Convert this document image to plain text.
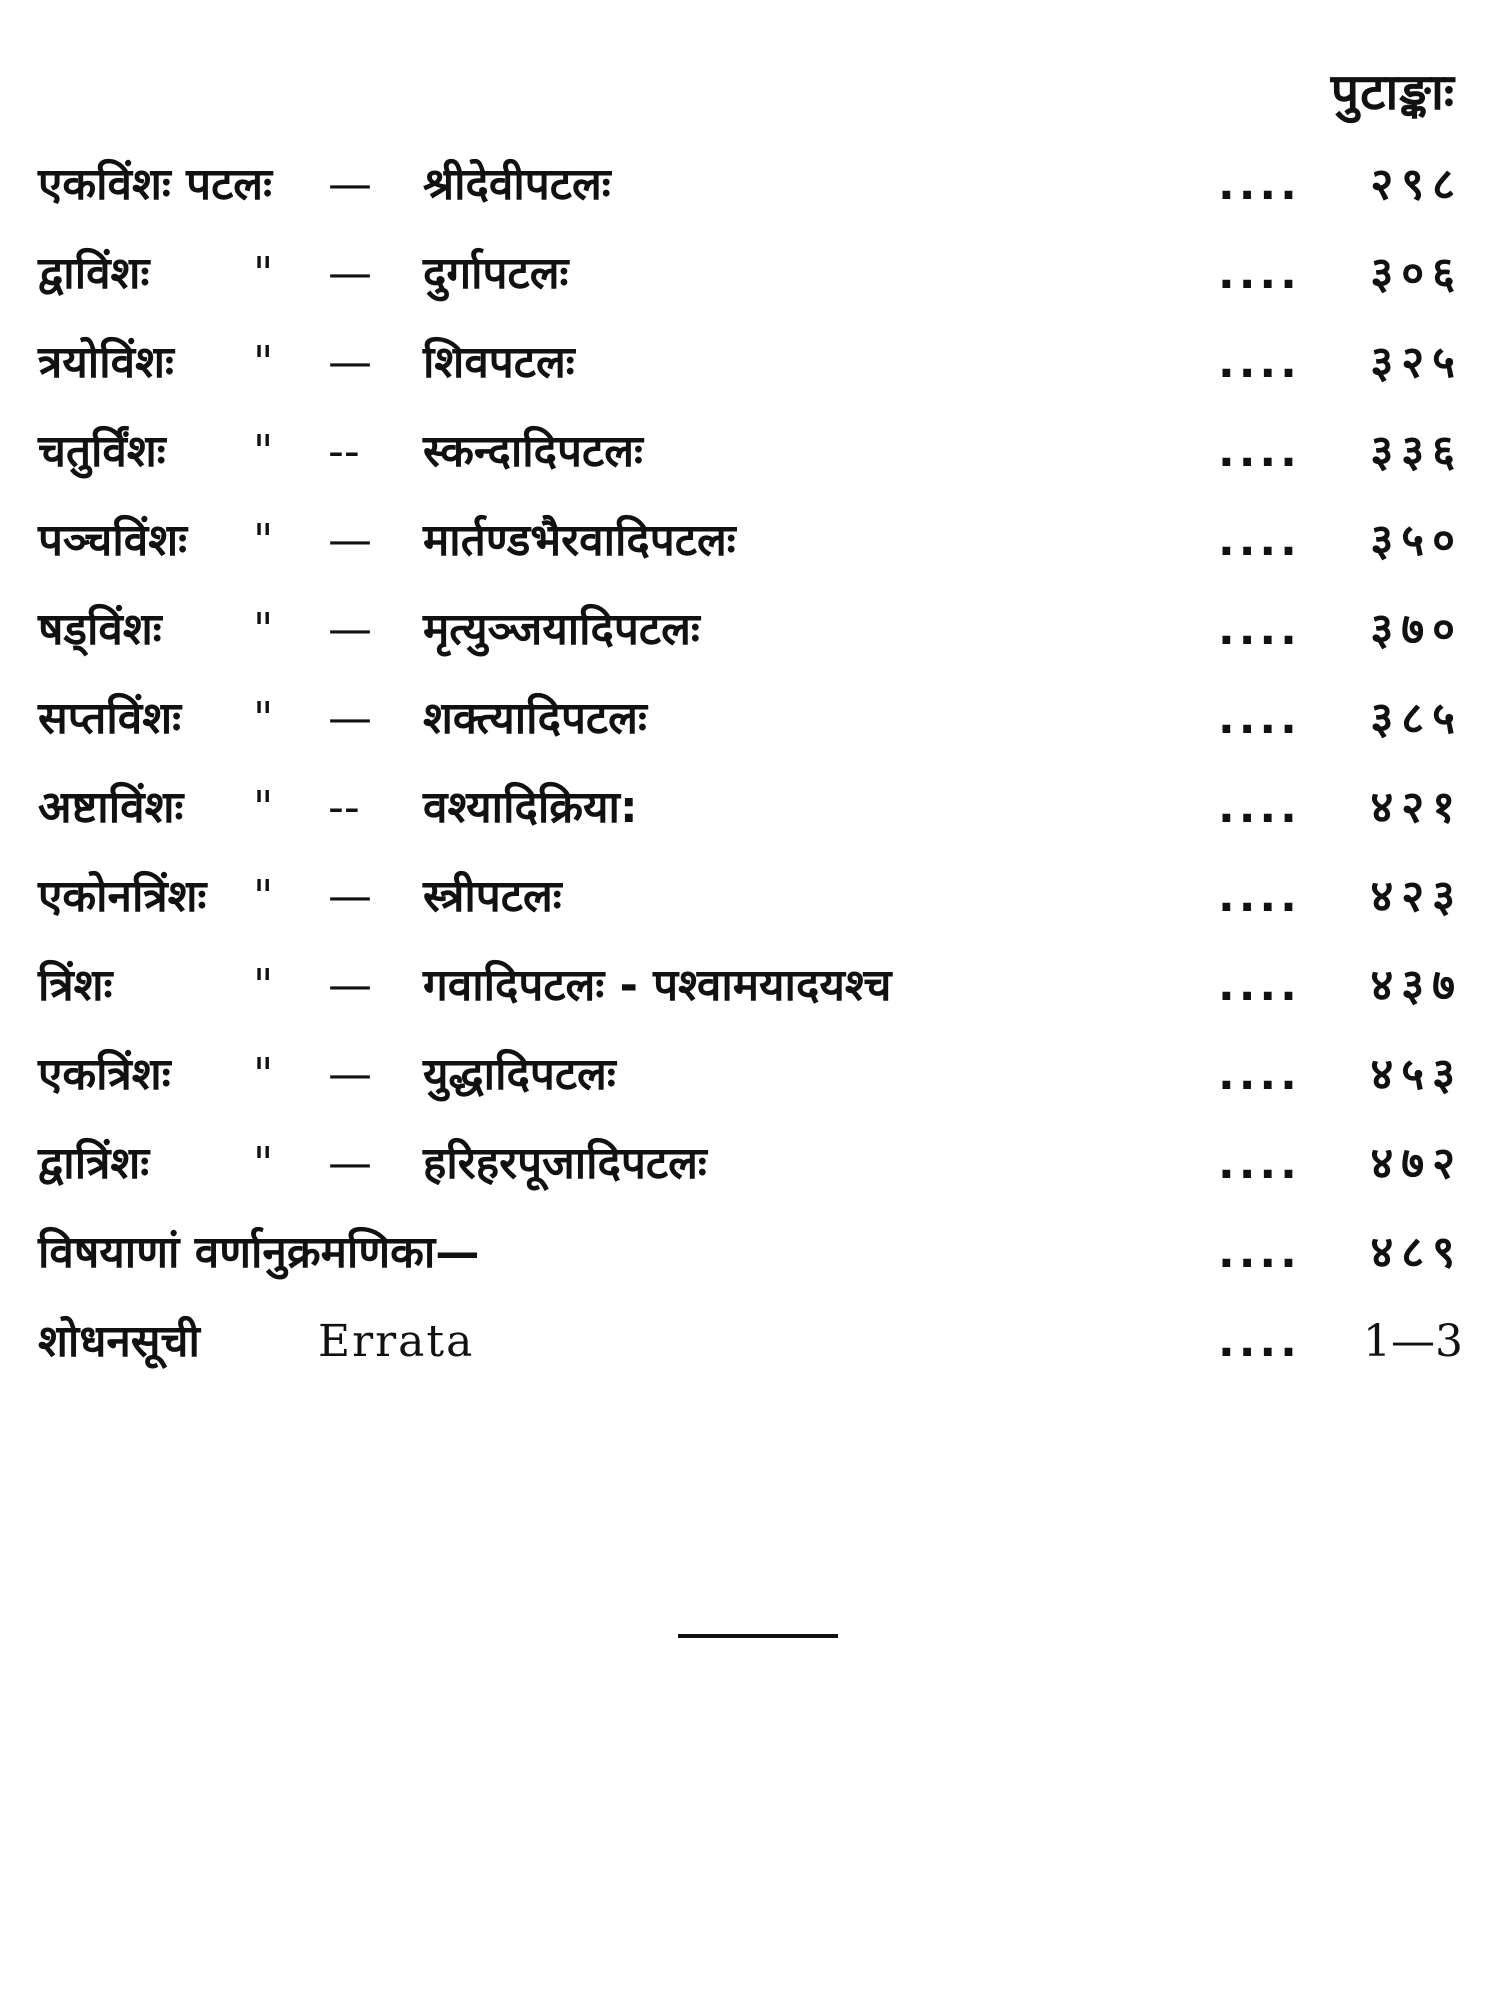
पुटाङ्काः
एकविंशः पटलः — श्रीदेवीपटलः	.... २९८
द्वाविंशः " — दुर्गापटलः	.... ३०६
त्रयोविंशः " — शिवपटलः	.... ३२५
चतुर्विंशः " -- स्कन्दादिपटलः	.... ३३६
पञ्चविंशः " — मार्तण्डभैरवादिपटलः	.... ३५०
षड्विंशः " — मृत्युञ्जयादिपटलः	.... ३७०
सप्तविंशः " — शक्त्यादिपटलः	.... ३८५
अष्टाविंशः " -- वश्यादिक्रिया:	.... ४२१
एकोनत्रिंशः " — स्त्रीपटलः	.... ४२३
त्रिंशः	" — गवादिपटलः - पश्वामयादयश्च	.... ४३७
एकत्रिंशः " — युद्धादिपटलः	.... ४५३
द्वात्रिंशः " — हरिहरपूजादिपटलः	.... ४७२
विषयाणां वर्णानुक्रमणिका—	.... ४८९
शोधनसूची	Errata	.... 1—3
